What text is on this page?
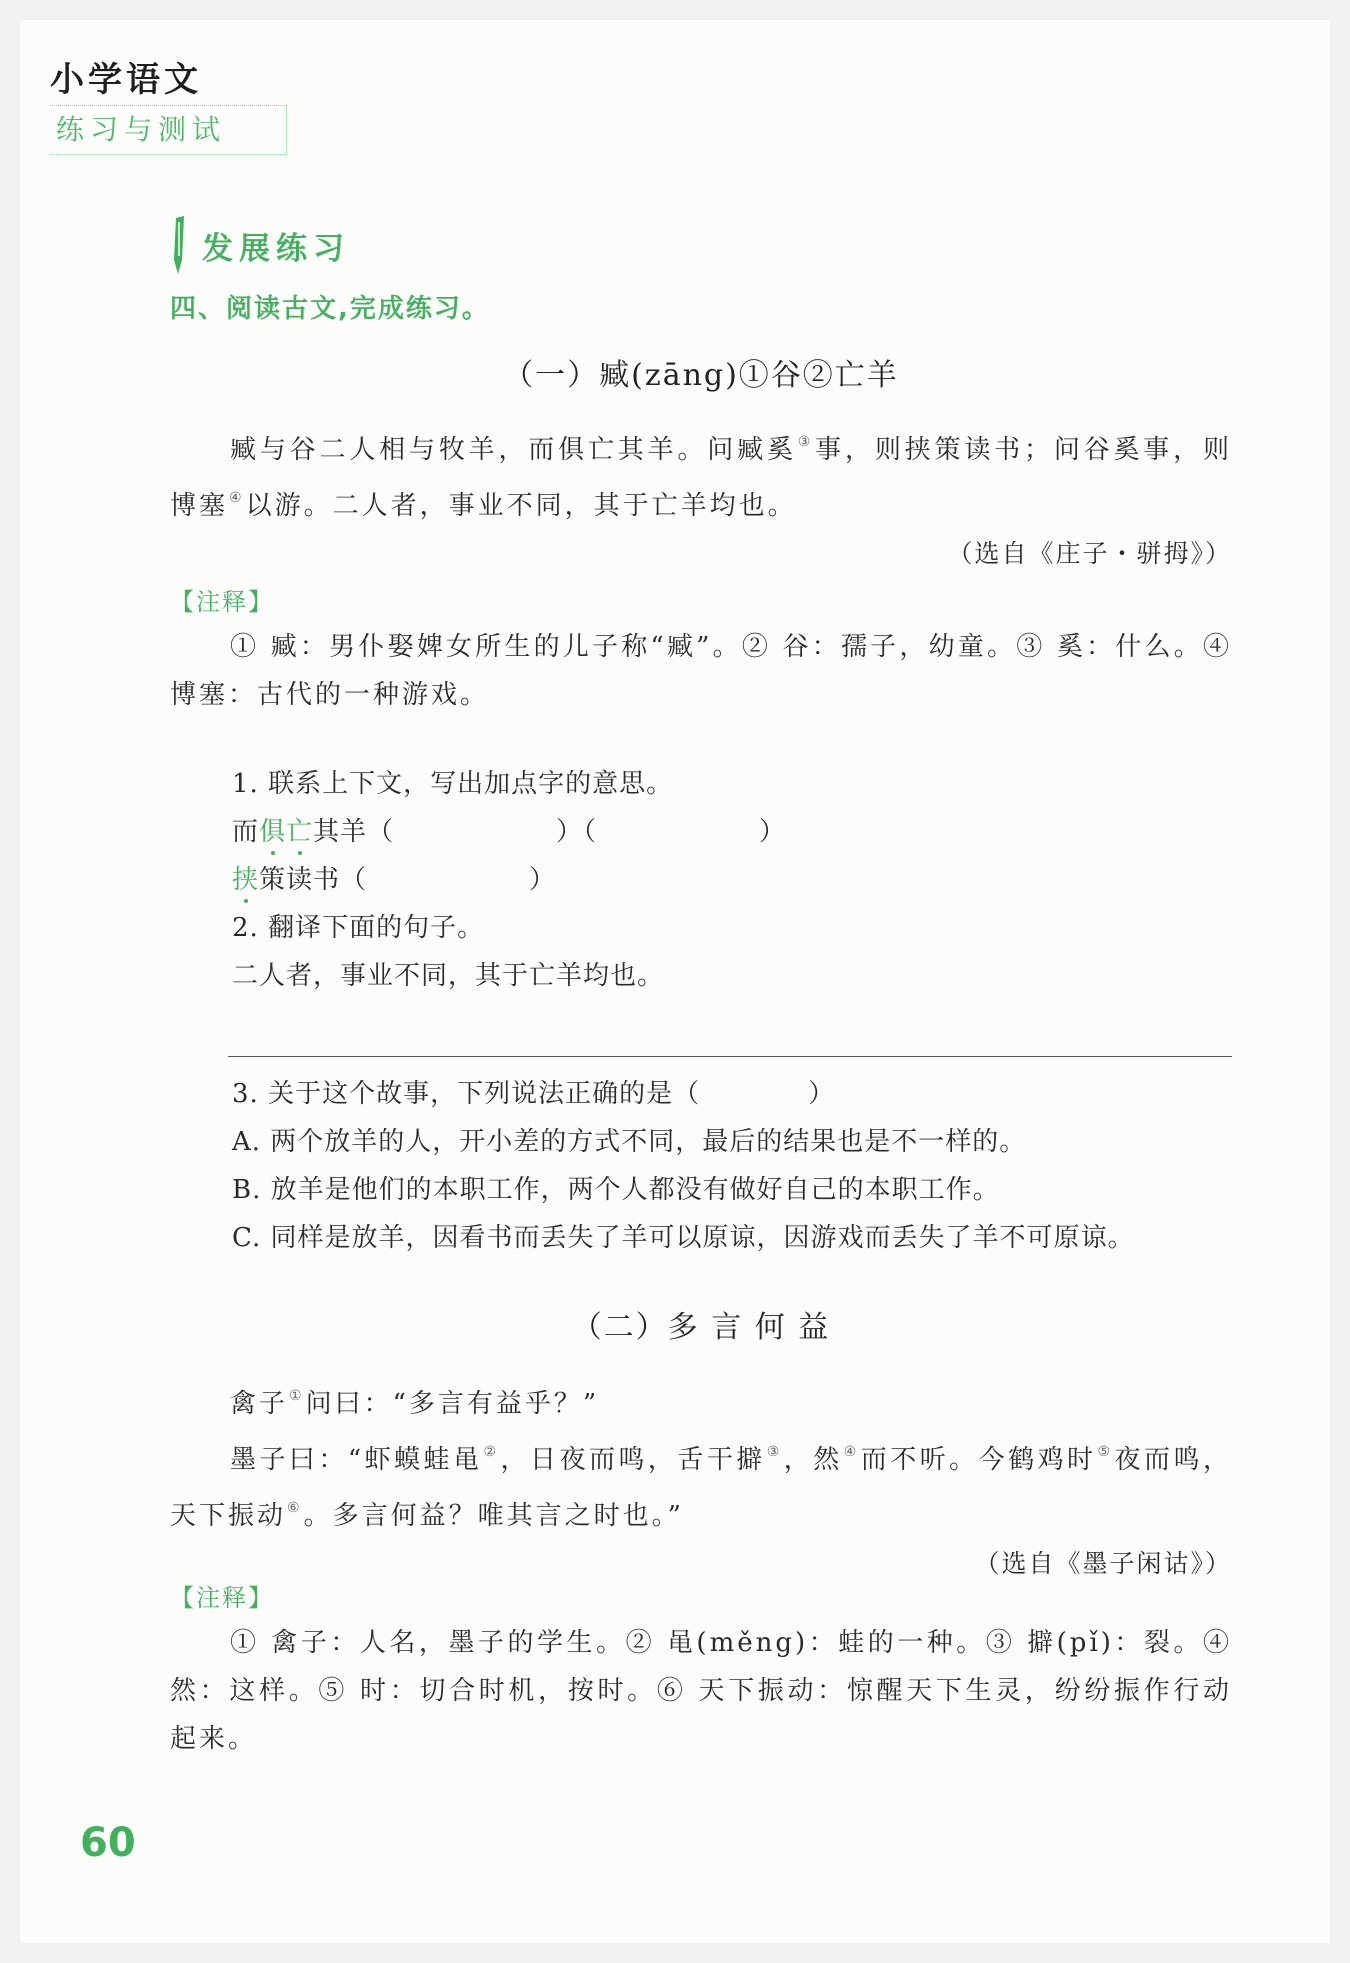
小学语文
练习与测试
发展练习
四、阅读古文,完成练习。
（一）臧(zāng)①谷②亡羊

臧与谷二人相与牧羊，而俱亡其羊。问臧奚③事，则挟策读书；问谷奚事，则博塞④以游。二人者，事业不同，其于亡羊均也。

（选自《庄子・骈拇》）
【注释】

① 臧：男仆娶婢女所生的儿子称“臧”。② 谷：孺子，幼童。③ 奚：什么。④ 博塞：古代的一种游戏。

1. 联系上下文，写出加点字的意思。
而俱亡其羊（　　　　　　）（　　　　　　）
挟策读书（　　　　　　）
2. 翻译下面的句子。
二人者，事业不同，其于亡羊均也。
3. 关于这个故事，下列说法正确的是（　　　　）
A. 两个放羊的人，开小差的方式不同，最后的结果也是不一样的。
B. 放羊是他们的本职工作，两个人都没有做好自己的本职工作。
C. 同样是放羊，因看书而丢失了羊可以原谅，因游戏而丢失了羊不可原谅。
（二）多 言 何 益

禽子①问曰：“多言有益乎？”

墨子曰：“虾蟆蛙黾②，日夜而鸣，舌干擗③，然④而不听。今鹤鸡时⑤夜而鸣，天下振动⑥。多言何益？唯其言之时也。”

（选自《墨子闲诂》）
【注释】

① 禽子：人名，墨子的学生。② 黾(měng)：蛙的一种。③ 擗(pǐ)：裂。④ 然：这样。⑤ 时：切合时机，按时。⑥ 天下振动：惊醒天下生灵，纷纷振作行动起来。

60
